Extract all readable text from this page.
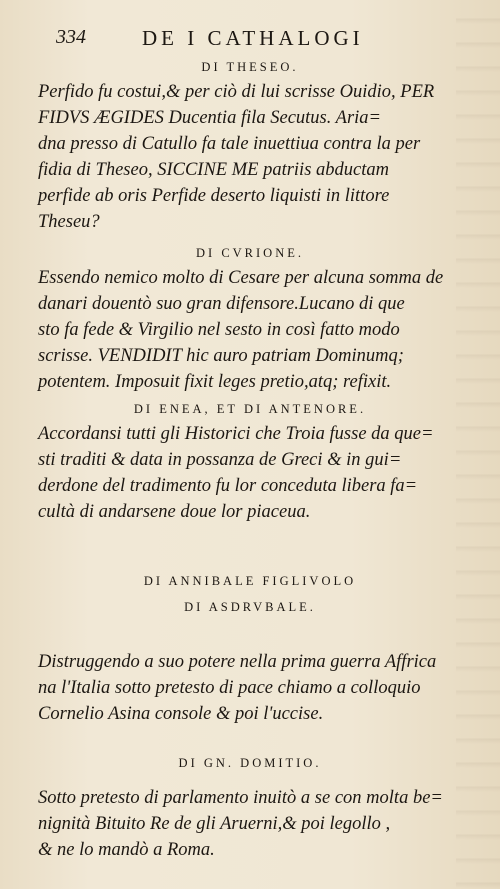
334	DE I CATHALOGI
DI THESEO.
Perfido fu costui,& per ciò di lui scrisse Ouidio, PER
FIDVS ÆGIDES Ducentia fila Secutus. Aria=
dna presso di Catullo fa tale inuettiua contra la per
fidia di Theseo, SICCINE ME patriis abductam
perfide ab oris Perfide deserto liquisti in littore
Theseu?
DI CVRIONE.
Essendo nemico molto di Cesare per alcuna somma de
danari douentò suo gran difensore.Lucano di que
sto fa fede & Virgilio nel sesto in così fatto modo
scrisse. VENDIDIT hic auro patriam Dominumq;
potentem. Imposuit fixit leges pretio,atq; refixit.
DI ENEA, ET DI ANTENORE.
Accordansi tutti gli Historici che Troia fusse da que=
sti traditi & data in possanza de Greci & in gui=
derdone del tradimento fu lor conceduta libera fa=
cultà di andarsene doue lor piaceua.
DI ANNIBALE FIGLIVOLO
DI ASDRVBALE.
Distruggendo a suo potere nella prima guerra Affrica
na l'Italia sotto pretesto di pace chiamo a colloquio
Cornelio Asina console & poi l'uccise.
DI GN. DOMITIO.
Sotto pretesto di parlamento inuitò a se con molta be=
nignità Bituito Re de gli Aruerni,& poi legollo ,
& ne lo mandò a Roma.
